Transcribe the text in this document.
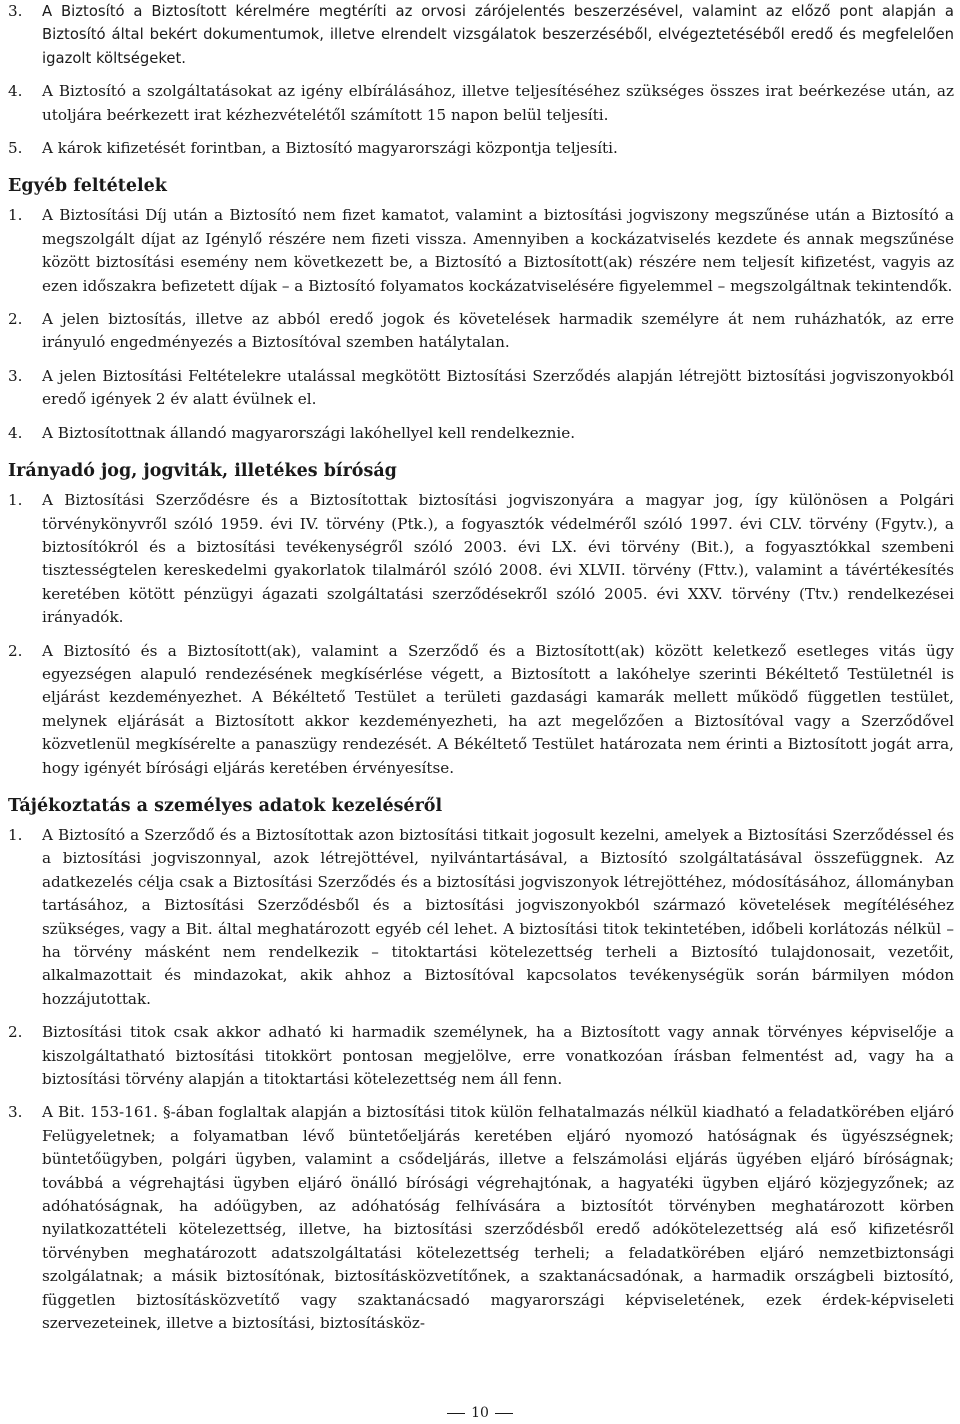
3.	A Biztosító a Biztosított kérelmére megtéríti az orvosi zárójelentés beszerzésével, valamint az előző pont alapján a Biztosító által bekért dokumentumok, illetve elrendelt vizsgálatok beszerzéséből, elvégeztetéséből eredő és megfelelően igazolt költségeket.
4.	A Biztosító a szolgáltatásokat az igény elbírálásához, illetve teljesítéséhez szükséges összes irat beérkezése után, az utoljára beérkezett irat kézhezvételétől számított 15 napon belül teljesíti.
5.	A károk kifizetését forintban, a Biztosító magyarországi központja teljesíti.
Egyéb feltételek
1.	A Biztosítási Díj után a Biztosító nem fizet kamatot, valamint a biztosítási jogviszony megszűnése után a Biztosító a megszolgált díjat az Igénylő részére nem fizeti vissza. Amennyiben a kockázatviselés kezdete és annak megszűnése között biztosítási esemény nem következett be, a Biztosító a Biztosított(ak) részére nem teljesít kifizetést, vagyis az ezen időszakra befizetett díjak – a Biztosító folyamatos kockázatviselésére figyelemmel – megszolgáltnak tekintendők.
2.	A jelen biztosítás, illetve az abból eredő jogok és követelések harmadik személyre át nem ruházhatók, az erre irányuló engedményezés a Biztosítóval szemben hatálytalan.
3.	A jelen Biztosítási Feltételekre utalással megkötött Biztosítási Szerződés alapján létrejött biztosítási jogviszonyokból eredő igények 2 év alatt évülnek el.
4.	A Biztosítottnak állandó magyarországi lakóhellyel kell rendelkeznie.
Irányadó jog, jogviták, illetékes bíróság
1.	A Biztosítási Szerződésre és a Biztosítottak biztosítási jogviszonyára a magyar jog, így különösen a Polgári törvénykönyvről szóló 1959. évi IV. törvény (Ptk.), a fogyasztók védelméről szóló 1997. évi CLV. törvény (Fgytv.), a biztosítókról és a biztosítási tevékenységről szóló 2003. évi LX. évi törvény (Bit.), a fogyasztókkal szembeni tisztességtelen kereskedelmi gyakorlatok tilalmáról szóló 2008. évi XLVII. törvény (Fttv.), valamint a távértékesítés keretében kötött pénzügyi ágazati szolgáltatási szerződésekről szóló 2005. évi XXV. törvény (Ttv.) rendelkezései irányadók.
2.	A Biztosító és a Biztosított(ak), valamint a Szerződő és a Biztosított(ak) között keletkező esetleges vitás ügy egyezségen alapuló rendezésének megkísérlése végett, a Biztosított a lakóhelye szerinti Békéltető Testületnél is eljárást kezdeményezhet. A Békéltető Testület a területi gazdasági kamarák mellett működő független testület, melynek eljárását a Biztosított akkor kezdeményezheti, ha azt megelőzően a Biztosítóval vagy a Szerződővel közvetlenül megkísérelte a panaszügy rendezését. A Békéltető Testület határozata nem érinti a Biztosított jogát arra, hogy igényét bírósági eljárás keretében érvényesítse.
Tájékoztatás a személyes adatok kezeléséről
1.	A Biztosító a Szerződő és a Biztosítottak azon biztosítási titkait jogosult kezelni, amelyek a Biztosítási Szerződéssel és a biztosítási jogviszonnyal, azok létrejöttével, nyilvántartásával, a Biztosító szolgáltatásával összefüggnek. Az adatkezelés célja csak a Biztosítási Szerződés és a biztosítási jogviszonyok létrejöttéhez, módosításához, állományban tartásához, a Biztosítási Szerződésből és a biztosítási jogviszonyokból származó követelések megítéléséhez szükséges, vagy a Bit. által meghatározott egyéb cél lehet. A biztosítási titok tekintetében, időbeli korlátozás nélkül – ha törvény másként nem rendelkezik – titoktartási kötelezettség terheli a Biztosító tulajdonosait, vezetőit, alkalmazottait és mindazokat, akik ahhoz a Biztosítóval kapcsolatos tevékenységük során bármilyen módon hozzájutottak.
2.	Biztosítási titok csak akkor adható ki harmadik személynek, ha a Biztosított vagy annak törvényes képviselője a kiszolgáltatható biztosítási titokkört pontosan megjelölve, erre vonatkozóan írásban felmentést ad, vagy ha a biztosítási törvény alapján a titoktartási kötelezettség nem áll fenn.
3.	A Bit. 153-161. §-ában foglaltak alapján a biztosítási titok külön felhatalmazás nélkül kiadható a feladatkörében eljáró Felügyeletnek; a folyamatban lévő büntetőeljárás keretében eljáró nyomozó hatóságnak és ügyészségnek; büntetőügyben, polgári ügyben, valamint a csődeljárás, illetve a felszámolási eljárás ügyében eljáró bíróságnak; továbbá a végrehajtási ügyben eljáró önálló bírósági végrehajtónak, a hagyatéki ügyben eljáró közjegyzőnek; az adóhatóságnak, ha adóügyben, az adóhatóság felhívására a biztosítót törvényben meghatározott körben nyilatkozattételi kötelezettség, illetve, ha biztosítási szerződésből eredő adókötelezettség alá eső kifizetésről törvényben meghatározott adatszolgáltatási kötelezettség terheli; a feladatkörében eljáró nemzetbiztonsági szolgálatnak; a másik biztosítónak, biztosításközvetítőnek, a szaktanácsadónak, a harmadik országbeli biztosító, független biztosításközvetítő vagy szaktanácsadó magyarországi képviseletének, ezek érdek-képviseleti szervezeteinek, illetve a biztosítási, biztosításköz-
10
